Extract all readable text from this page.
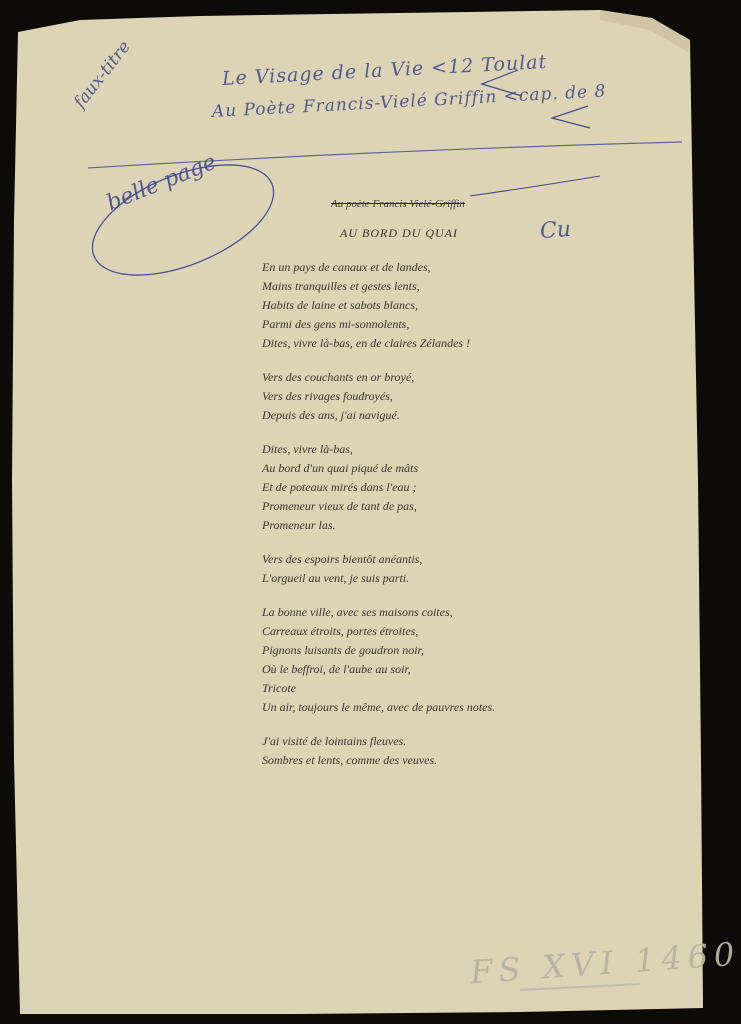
faux-titre	Le Visage de la Vie <12 Toulat
Au Poète Francis-Vielé Griffin <cap. de 8
belle page
Cu
FS XVI 1460
Au poète Francis Vielé-Griffin
AU BORD DU QUAI
En un pays de canaux et de landes,
Mains tranquilles et gestes lents,
Habits de laine et sabots blancs,
Parmi des gens mi-sonnolents,
Dites, vivre là-bas, en de claires Zélandes !
Vers des couchants en or broyé,
Vers des rivages foudroyés,
Depuis des ans, j'ai navigué.
Dites, vivre là-bas,
Au bord d'un quai piqué de mâts
Et de poteaux mirés dans l'eau ;
Promeneur vieux de tant de pas,
Promeneur las.
Vers des espoirs bientôt anéantis,
L'orgueil au vent, je suis parti.
La bonne ville, avec ses maisons coites,
Carreaux étroits, portes étroites,
Pignons luisants de goudron noir,
Où le beffroi, de l'aube au soir,
Tricote
Un air, toujours le même, avec de pauvres notes.
J'ai visité de lointains fleuves.
Sombres et lents, comme des veuves.
